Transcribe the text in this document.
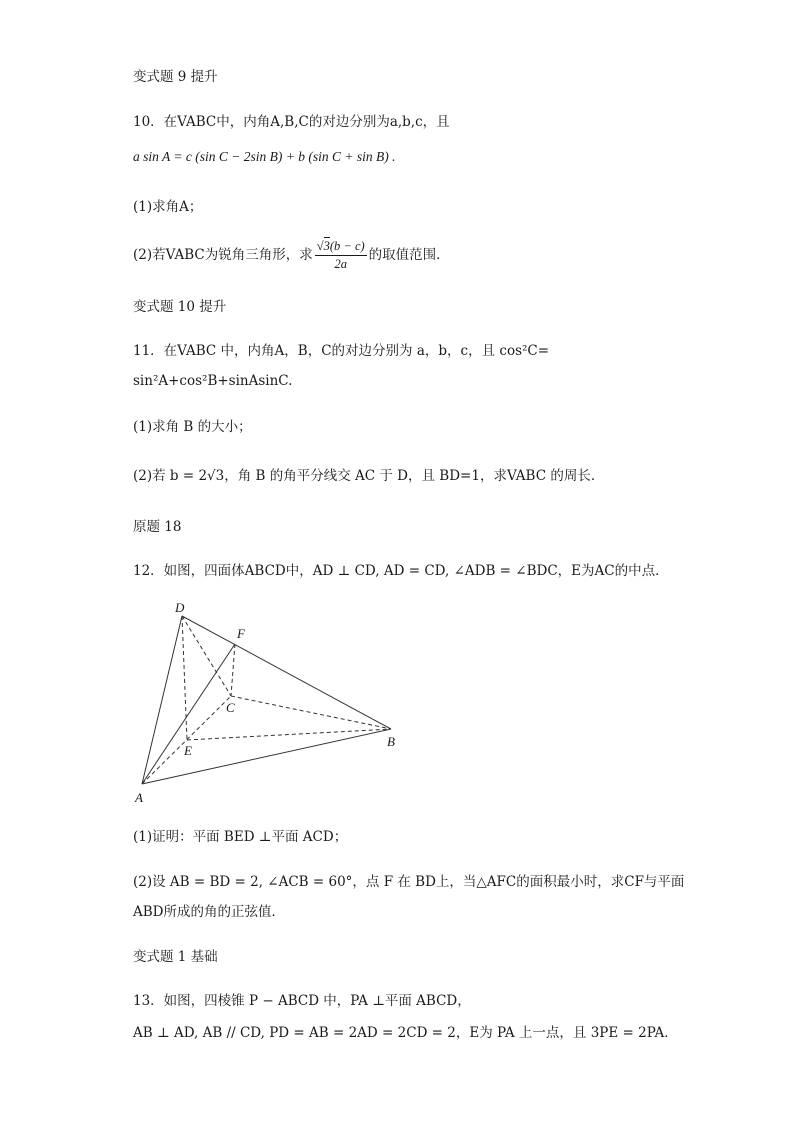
变式题 9 提升
10．在VABC中，内角A,B,C的对边分别为a,b,c，且
a sin A = c (sin C − 2sin B) + b (sin C + sin B) .
(1)求角A；
(2)若VABC为锐角三角形，求 $\frac{√3(b - c)}{2a}$ 的取值范围．
变式题 10 提升
11．在VABC 中，内角A，B，C的对边分别为 a，b，c，且 cos²C=
sin²A+cos²B+sinAsinC.
(1)求角 B 的大小；
(2)若 b = 2√3，角 B 的角平分线交 AC 于 D，且 BD=1，求VABC 的周长．
原题 18
12．如图，四面体ABCD中，AD ⊥ CD, AD = CD, ∠ADB = ∠BDC，E为AC的中点．
D
F
C
E
B
A
(1)证明：平面 BED ⊥平面 ACD；
(2)设 AB = BD = 2, ∠ACB = 60°，点 F 在 BD上，当△AFC的面积最小时，求CF与平面
ABD所成的角的正弦值．
变式题 1 基础
13．如图，四棱锥 P − ABCD 中，PA ⊥平面 ABCD，
AB ⊥ AD, AB // CD, PD = AB = 2AD = 2CD = 2，E为 PA 上一点，且 3PE = 2PA．
